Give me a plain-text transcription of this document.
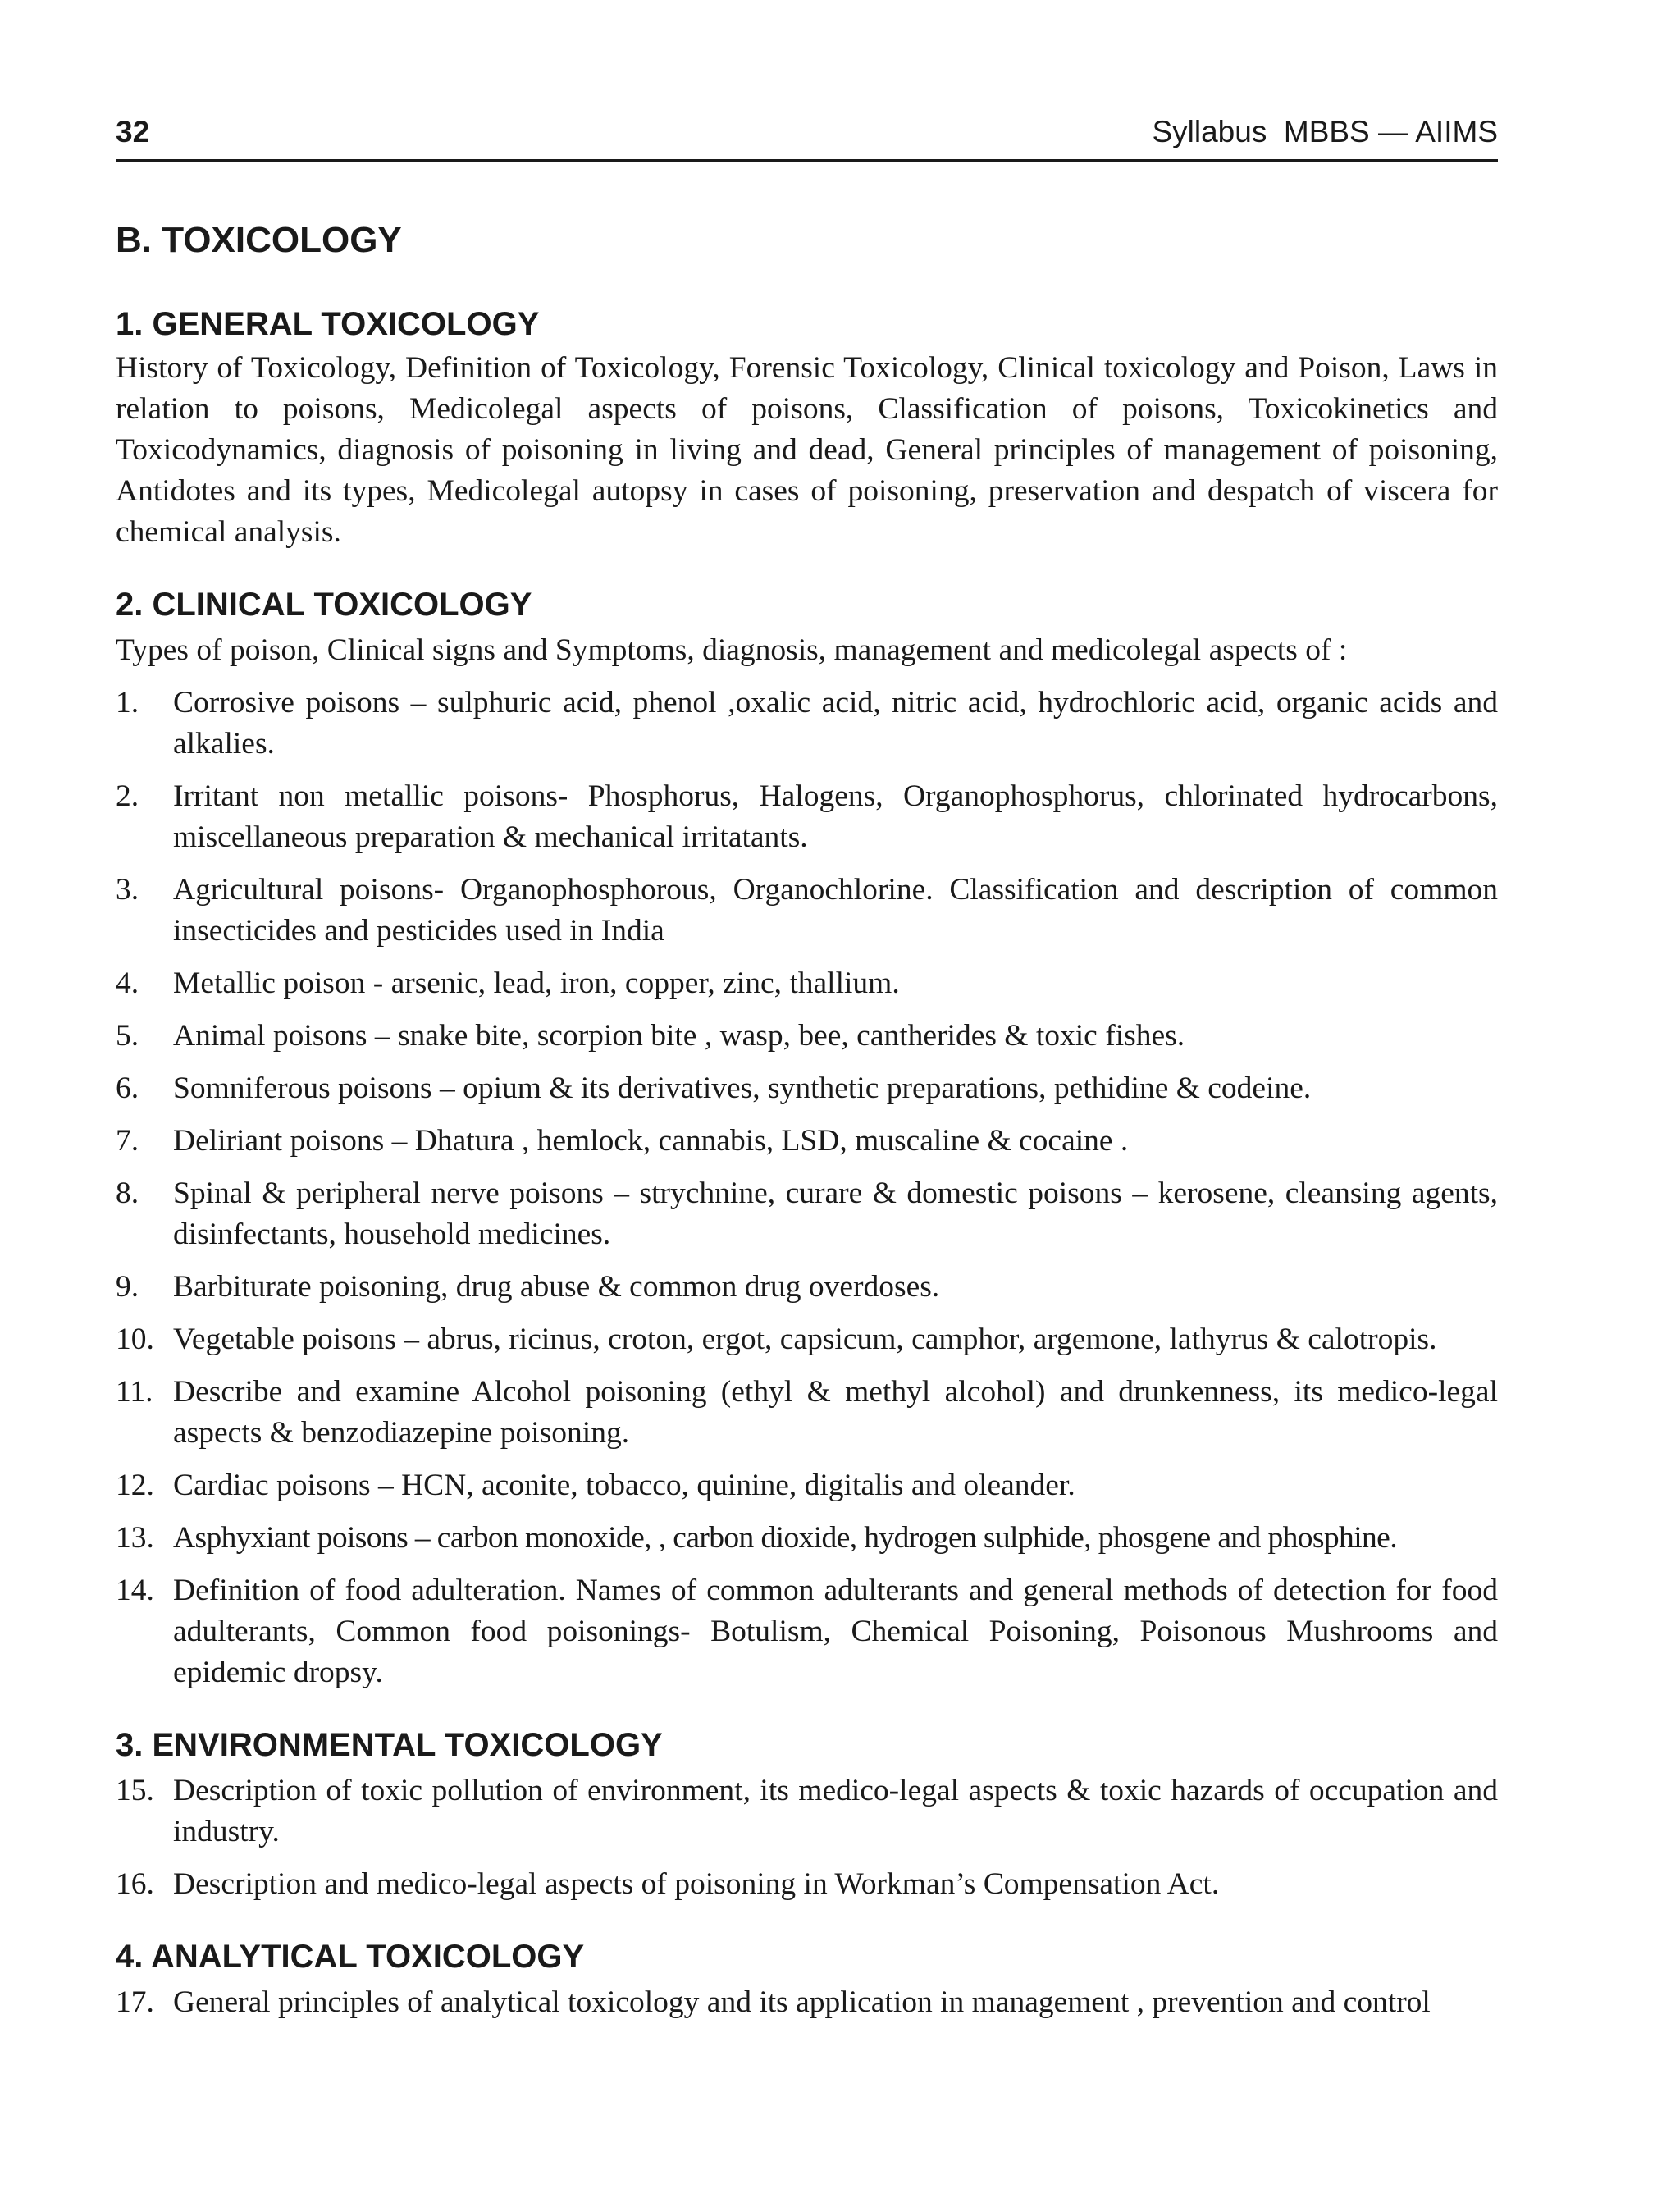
32	Syllabus  MBBS — AIIMS
B. TOXICOLOGY
1. GENERAL TOXICOLOGY

History of Toxicology, Definition of Toxicology, Forensic Toxicology, Clinical toxicology and Poison, Laws in relation to poisons, Medicolegal aspects of poisons, Classification of poisons, Toxicokinetics and Toxicodynamics, diagnosis of poisoning in living and dead, General principles of management of poisoning, Antidotes and its types, Medicolegal autopsy in cases of poisoning, preservation and despatch of viscera for chemical analysis.

2. CLINICAL TOXICOLOGY

Types of poison, Clinical signs and Symptoms, diagnosis, management and medicolegal aspects of :

1. Corrosive poisons – sulphuric acid, phenol ,oxalic acid, nitric acid, hydrochloric acid, organic acids and alkalies.
2. Irritant non metallic poisons- Phosphorus, Halogens, Organophosphorus, chlorinated hydrocarbons, miscellaneous preparation & mechanical irritatants.
3. Agricultural poisons- Organophosphorous, Organochlorine. Classification and description of common insecticides and pesticides used in India
4. Metallic poison - arsenic, lead, iron, copper, zinc, thallium.
5. Animal poisons – snake bite, scorpion bite , wasp, bee, cantherides & toxic fishes.
6. Somniferous poisons – opium & its derivatives, synthetic preparations, pethidine & codeine.
7. Deliriant poisons – Dhatura , hemlock, cannabis, LSD, muscaline & cocaine .
8. Spinal & peripheral nerve poisons – strychnine, curare & domestic poisons – kerosene, cleansing agents, disinfectants, household medicines.
9. Barbiturate poisoning, drug abuse & common drug overdoses.
10. Vegetable poisons – abrus, ricinus, croton, ergot, capsicum, camphor, argemone, lathyrus & calotropis.
11. Describe and examine Alcohol poisoning (ethyl & methyl alcohol) and drunkenness, its medico-legal aspects & benzodiazepine poisoning.
12. Cardiac poisons – HCN, aconite, tobacco, quinine, digitalis and oleander.
13. Asphyxiant poisons – carbon monoxide, , carbon dioxide, hydrogen sulphide, phosgene and phosphine.
14. Definition of food adulteration. Names of common adulterants and general methods of detection for food adulterants, Common food poisonings- Botulism, Chemical Poisoning, Poisonous Mushrooms and epidemic dropsy.
3. ENVIRONMENTAL TOXICOLOGY
15. Description of toxic pollution of environment, its medico-legal aspects & toxic hazards of occupation and industry.
16. Description and medico-legal aspects of poisoning in Workman’s Compensation Act.
4. ANALYTICAL TOXICOLOGY
17. General principles of analytical toxicology and its application in management , prevention and control
